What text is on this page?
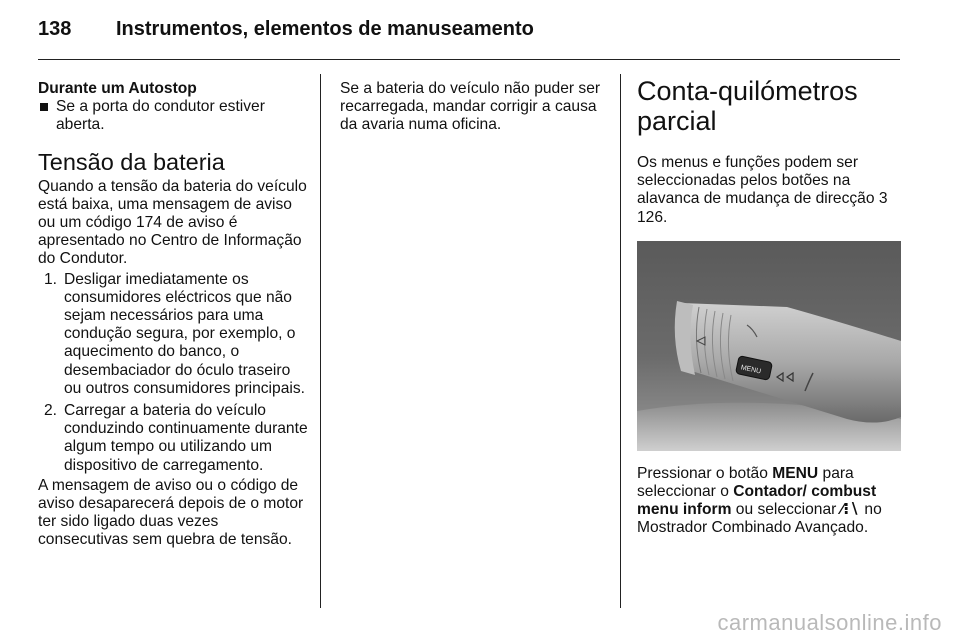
138 Instrumentos, elementos de manuseamento
Durante um Autostop
Se a porta do condutor estiver aberta.
Tensão da bateria

Quando a tensão da bateria do veículo está baixa, uma mensagem de aviso ou um código 174 de aviso é apresentado no Centro de Informação do Condutor.

1. Desligar imediatamente os consumidores eléctricos que não sejam necessários para uma condução segura, por exemplo, o aquecimento do banco, o desembaciador do óculo traseiro ou outros consumidores principais.
2. Carregar a bateria do veículo conduzindo continuamente durante algum tempo ou utilizando um dispositivo de carregamento.

A mensagem de aviso ou o código de aviso desaparecerá depois de o motor ter sido ligado duas vezes consecutivas sem quebra de tensão.

Se a bateria do veículo não puder ser recarregada, mandar corrigir a causa da avaria numa oficina.

Conta-quilómetros parcial

Os menus e funções podem ser seleccionadas pelos botões na alavanca de mudança de direcção 3 126.

MENU

Pressionar o botão MENU para seleccionar o Contador/ combust menu inform ou seleccionar ⁄⁝∖ no Mostrador Combinado Avançado.

carmanualsonline.info
